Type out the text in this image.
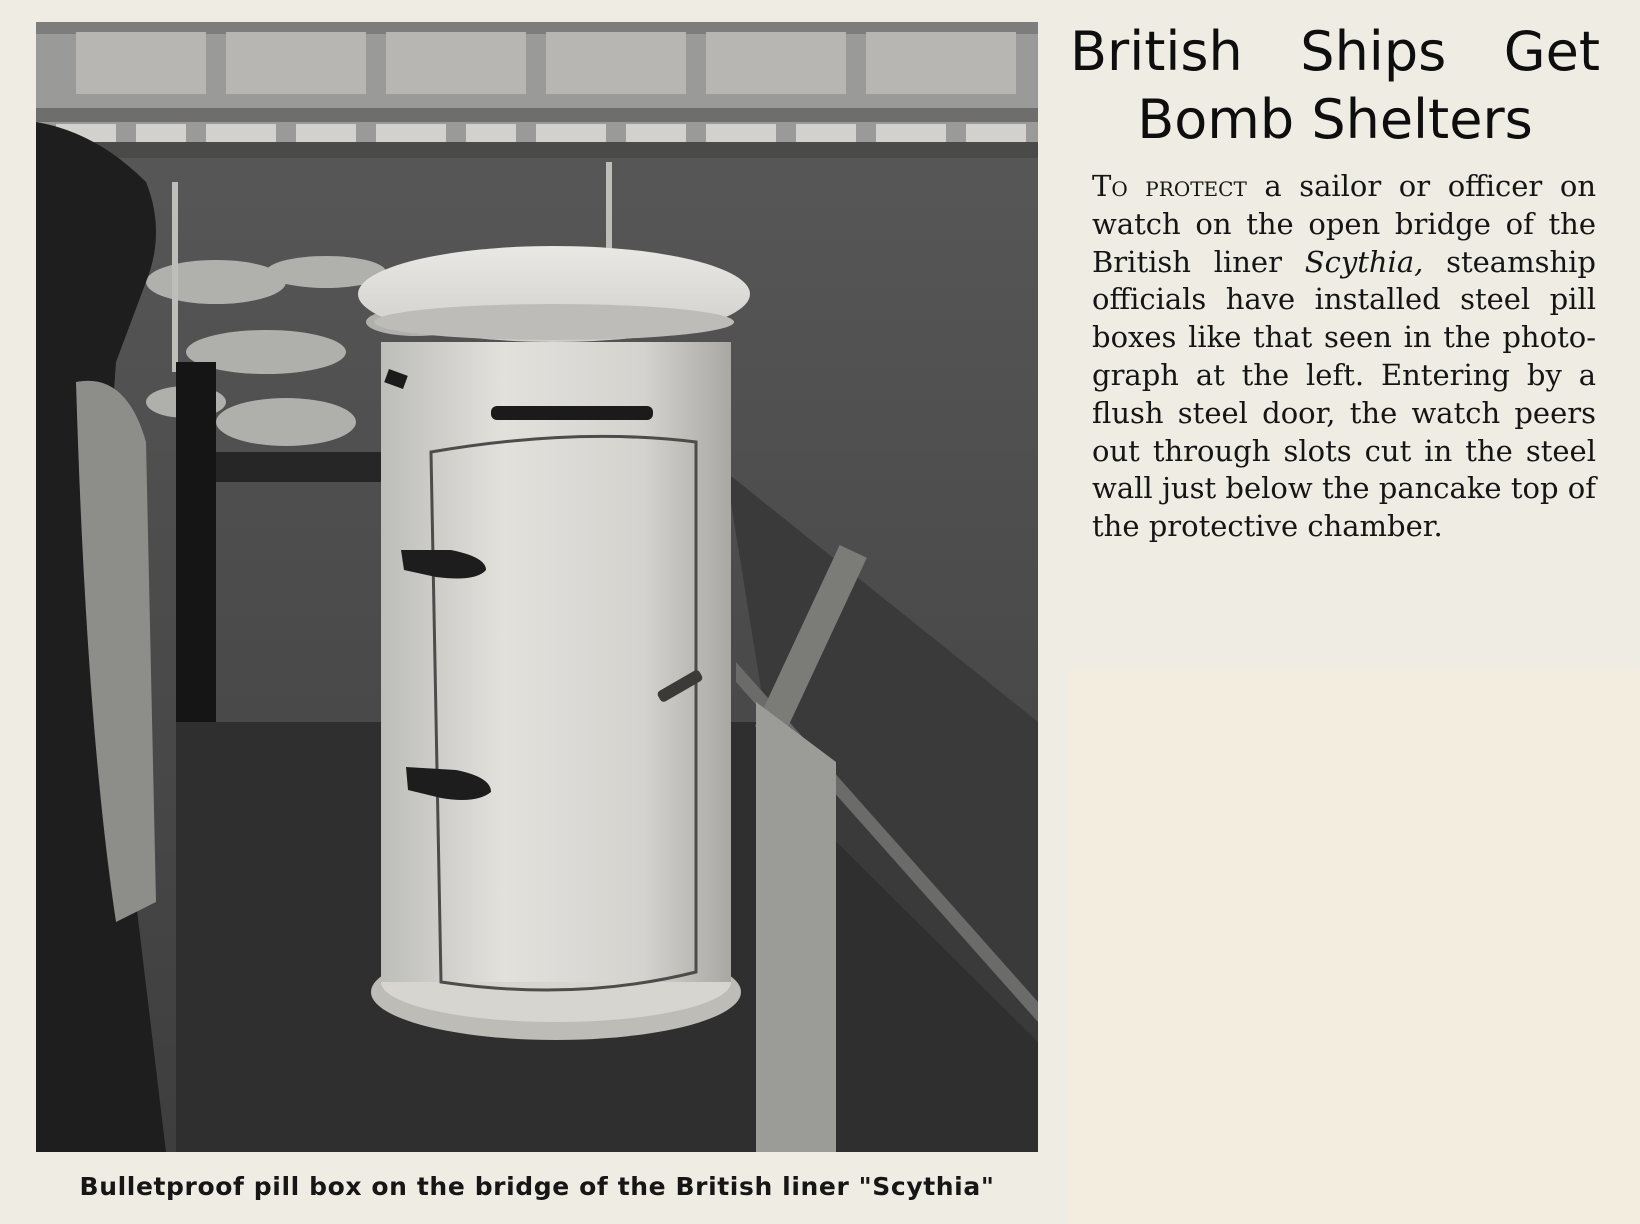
Bulletproof pill box on the bridge of the British liner "Scythia"
British Ships Get
Bomb Shelters
To protect a sailor or officer on watch on the open bridge of the British liner Scythia, steamship officials have installed steel pill boxes like that seen in the photograph at the left. Entering by a flush steel door, the watch peers out through slots cut in the steel wall just below the pancake top of the protective chamber.
